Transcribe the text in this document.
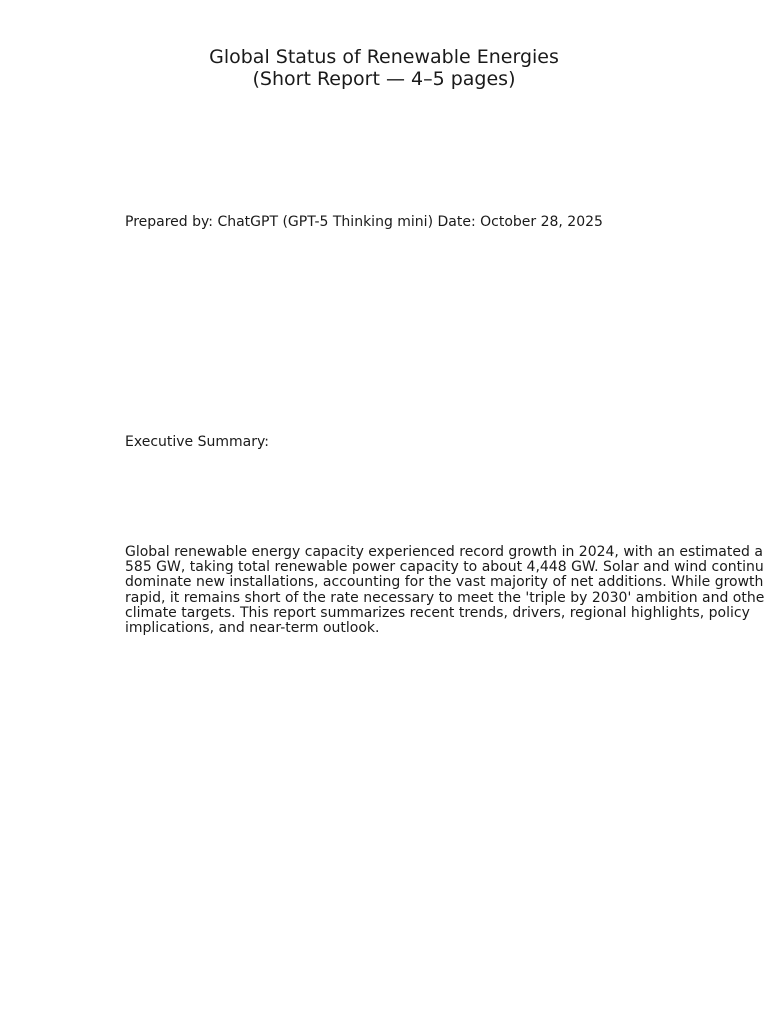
Global Status of Renewable Energies
(Short Report — 4–5 pages)
Prepared by: ChatGPT (GPT-5 Thinking mini) Date: October 28, 2025
Executive Summary:
Global renewable energy capacity experienced record growth in 2024, with an estimated a
585 GW, taking total renewable power capacity to about 4,448 GW. Solar and wind continu
dominate new installations, accounting for the vast majority of net additions. While growth
rapid, it remains short of the rate necessary to meet the 'triple by 2030' ambition and othe
climate targets. This report summarizes recent trends, drivers, regional highlights, policy
implications, and near-term outlook.
